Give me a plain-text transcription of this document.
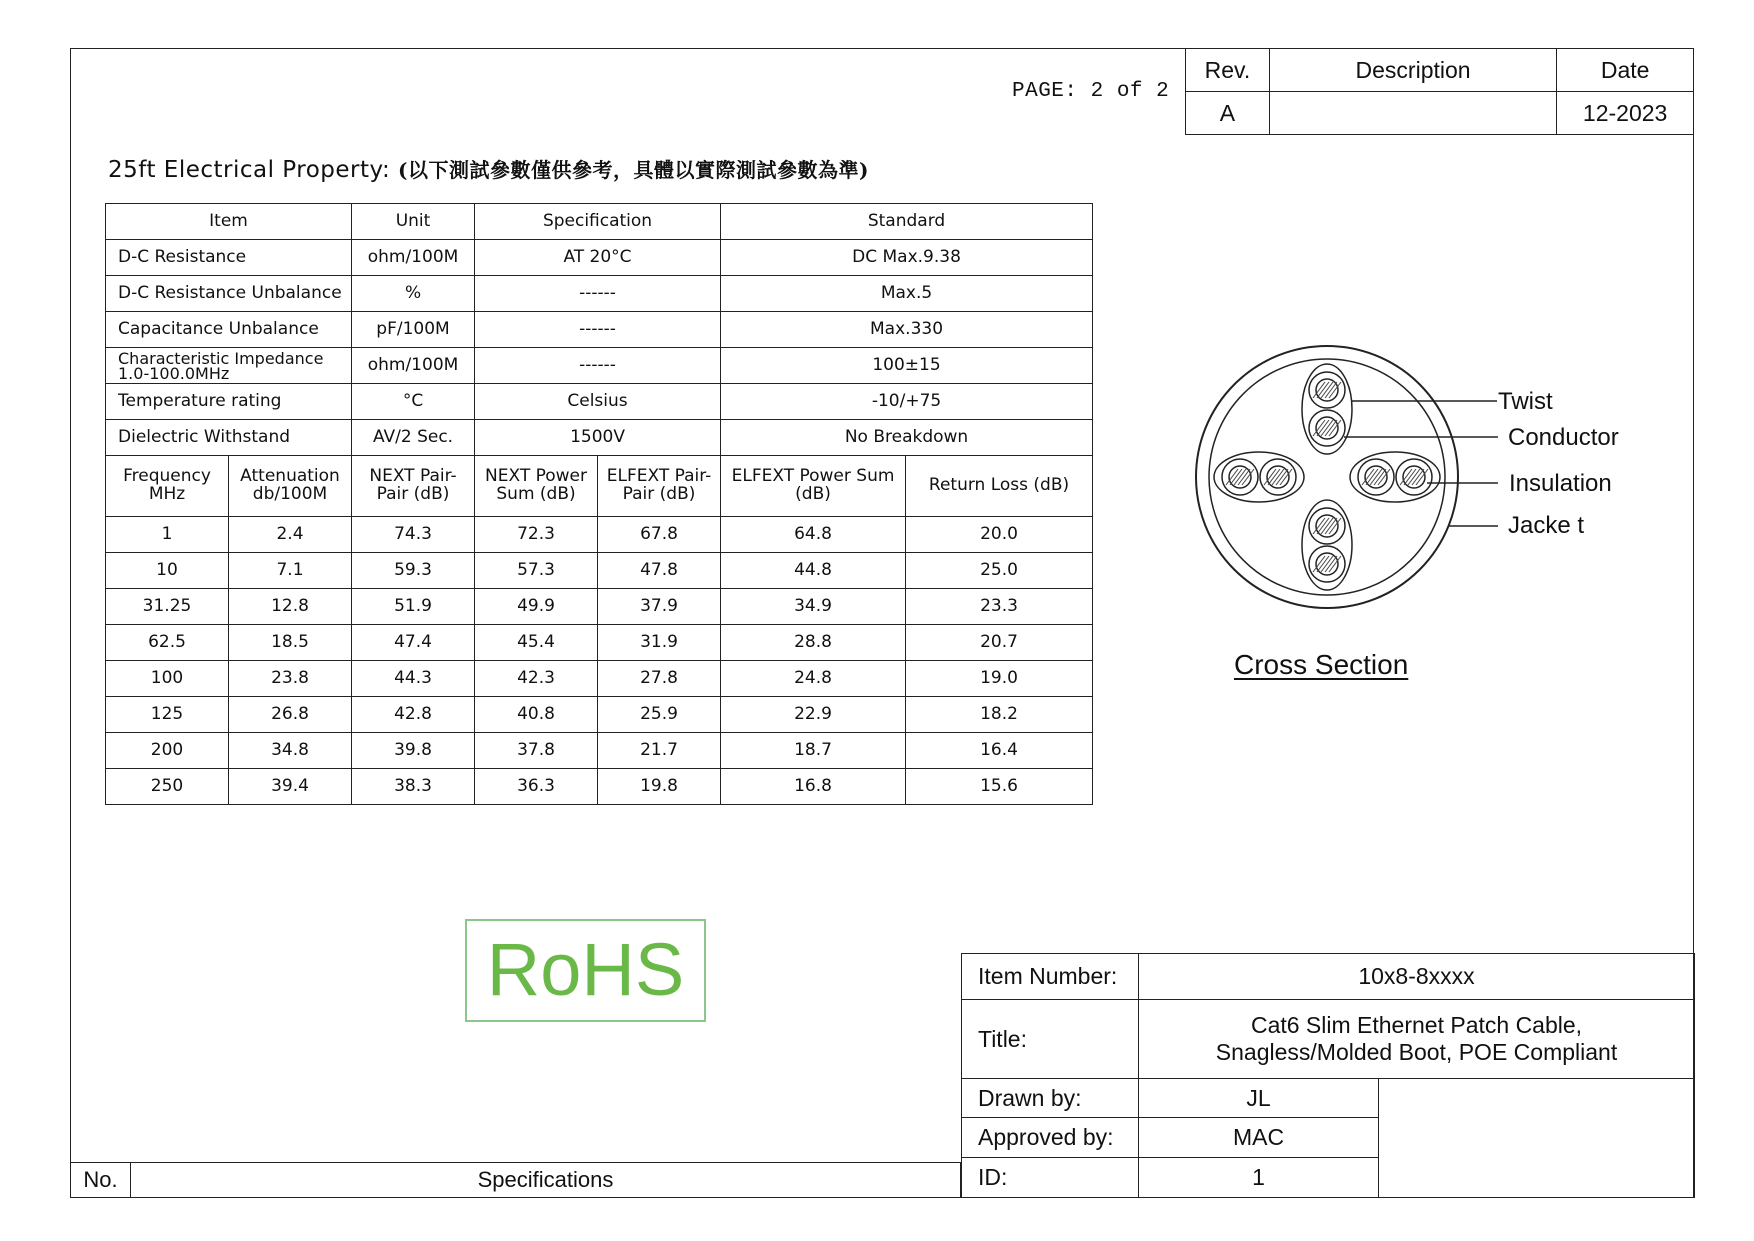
Rev.	Description	Date
A		12-2023
PAGE: 2 of 2
25ft Electrical Property: (以下測試參數僅供參考，具體以實際測試參數為準)
Item		Unit	Specification		Standard	
D-C Resistance		ohm/100M	AT 20°C		DC Max.9.38	
D-C Resistance Unbalance		%	------		Max.5	
Capacitance Unbalance		pF/100M	------		Max.330	
Characteristic Impedance 1.0-100.0MHz		ohm/100M	------		100±15	
Temperature rating		°C	Celsius		-10/+75	
Dielectric Withstand		AV/2 Sec.	1500V		No Breakdown	
Frequency MHz	Attenuation db/100M	NEXT Pair-Pair (dB)	NEXT Power Sum (dB)	ELFEXT Pair-Pair (dB)	ELFEXT Power Sum (dB)	Return Loss (dB)
1	2.4	74.3	72.3	67.8	64.8	20.0
10	7.1	59.3	57.3	47.8	44.8	25.0
31.25	12.8	51.9	49.9	37.9	34.9	23.3
62.5	18.5	47.4	45.4	31.9	28.8	20.7
100	23.8	44.3	42.3	27.8	24.8	19.0
125	26.8	42.8	40.8	25.9	22.9	18.2
200	34.8	39.8	37.8	21.7	18.7	16.4
250	39.4	38.3	36.3	19.8	16.8	15.6
Twist
Conductor
Insulation
Jacke t
Cross Section
RoHS	Item Number:	10x8-8xxxx	
Title:	Cat6 Slim Ethernet Patch Cable,
Snagless/Molded Boot, POE Compliant	

Drawn by:	JL	
Approved by:	MAC	
ID:	1	
No.	Specifications
